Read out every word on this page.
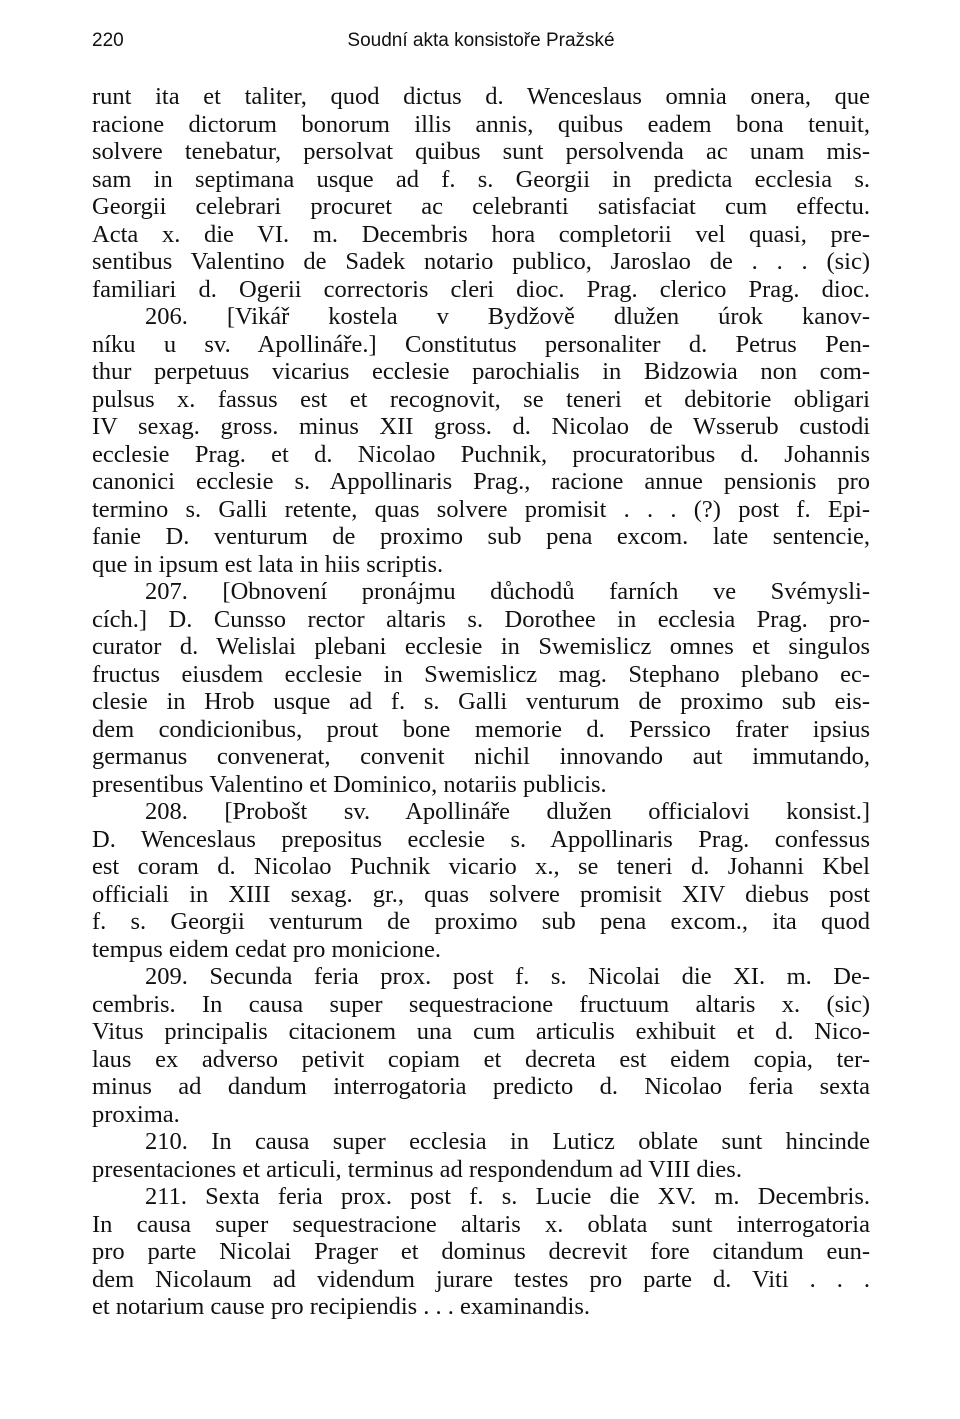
220	Soudní akta konsistoře Pražské
runt ita et taliter, quod dictus d. Wenceslaus omnia onera, que
racione dictorum bonorum illis annis, quibus eadem bona tenuit,
solvere tenebatur, persolvat quibus sunt persolvenda ac unam mis-
sam in septimana usque ad f. s. Georgii in predicta ecclesia s.
Georgii celebrari procuret ac celebranti satisfaciat cum effectu.
Acta x. die VI. m. Decembris hora completorii vel quasi, pre-
sentibus Valentino de Sadek notario publico, Jaroslao de . . . (sic)
familiari d. Ogerii correctoris cleri dioc. Prag. clerico Prag. dioc.
206. [Vikář kostela v Bydžově dlužen úrok kanov-
níku u sv. Apollináře.] Constitutus personaliter d. Petrus Pen-
thur perpetuus vicarius ecclesie parochialis in Bidzowia non com-
pulsus x. fassus est et recognovit, se teneri et debitorie obligari
IV sexag. gross. minus XII gross. d. Nicolao de Wsserub custodi
ecclesie Prag. et d. Nicolao Puchnik, procuratoribus d. Johannis
canonici ecclesie s. Appollinaris Prag., racione annue pensionis pro
termino s. Galli retente, quas solvere promisit . . . (?) post f. Epi-
fanie D. venturum de proximo sub pena excom. late sentencie,
que in ipsum est lata in hiis scriptis.
207. [Obnovení pronájmu důchodů farních ve Svémysli-
cích.] D. Cunsso rector altaris s. Dorothee in ecclesia Prag. pro-
curator d. Welislai plebani ecclesie in Swemislicz omnes et singulos
fructus eiusdem ecclesie in Swemislicz mag. Stephano plebano ec-
clesie in Hrob usque ad f. s. Galli venturum de proximo sub eis-
dem condicionibus, prout bone memorie d. Perssico frater ipsius
germanus convenerat, convenit nichil innovando aut immutando,
presentibus Valentino et Dominico, notariis publicis.
208. [Probošt sv. Apollináře dlužen officialovi konsist.]
D. Wenceslaus prepositus ecclesie s. Appollinaris Prag. confessus
est coram d. Nicolao Puchnik vicario x., se teneri d. Johanni Kbel
officiali in XIII sexag. gr., quas solvere promisit XIV diebus post
f. s. Georgii venturum de proximo sub pena excom., ita quod
tempus eidem cedat pro monicione.
209. Secunda feria prox. post f. s. Nicolai die XI. m. De-
cembris. In causa super sequestracione fructuum altaris x. (sic)
Vitus principalis citacionem una cum articulis exhibuit et d. Nico-
laus ex adverso petivit copiam et decreta est eidem copia, ter-
minus ad dandum interrogatoria predicto d. Nicolao feria sexta
proxima.
210. In causa super ecclesia in Luticz oblate sunt hincinde
presentaciones et articuli, terminus ad respondendum ad VIII dies.
211. Sexta feria prox. post f. s. Lucie die XV. m. Decembris.
In causa super sequestracione altaris x. oblata sunt interrogatoria
pro parte Nicolai Prager et dominus decrevit fore citandum eun-
dem Nicolaum ad videndum jurare testes pro parte d. Viti . . .
et notarium cause pro recipiendis . . . examinandis.
